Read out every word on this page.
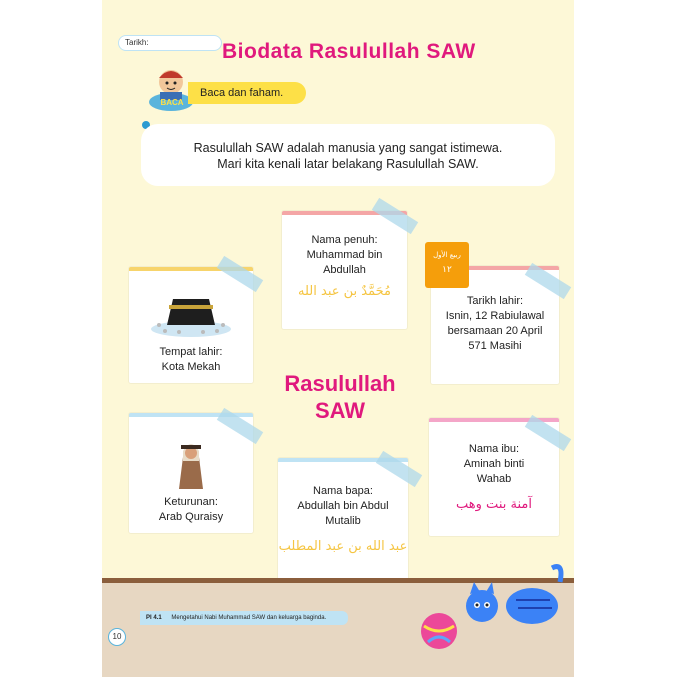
Tarikh:	Biodata Rasulullah SAW
BACA
Baca dan faham.
Rasulullah SAW adalah manusia yang sangat istimewa.
Mari kita kenali latar belakang Rasulullah SAW.
Nama penuh:
Muhammad bin
Abdullah
مُحَمَّدٌ بن عبد الله
Tempat lahir:
Kota Mekah
ربيع الأول
١٢
Tarikh lahir:
Isnin, 12 Rabiulawal
bersamaan 20 April
571 Masihi
Rasulullah
SAW
Keturunan:
Arab Quraisy
Nama bapa:
Abdullah bin Abdul
Mutalib
عبد الله بن عبد المطلب
Nama ibu:
Aminah binti
Wahab
آمنة بنت وهب
PI 4.1 Mengetahui Nabi Muhammad SAW dan keluarga baginda.
10
